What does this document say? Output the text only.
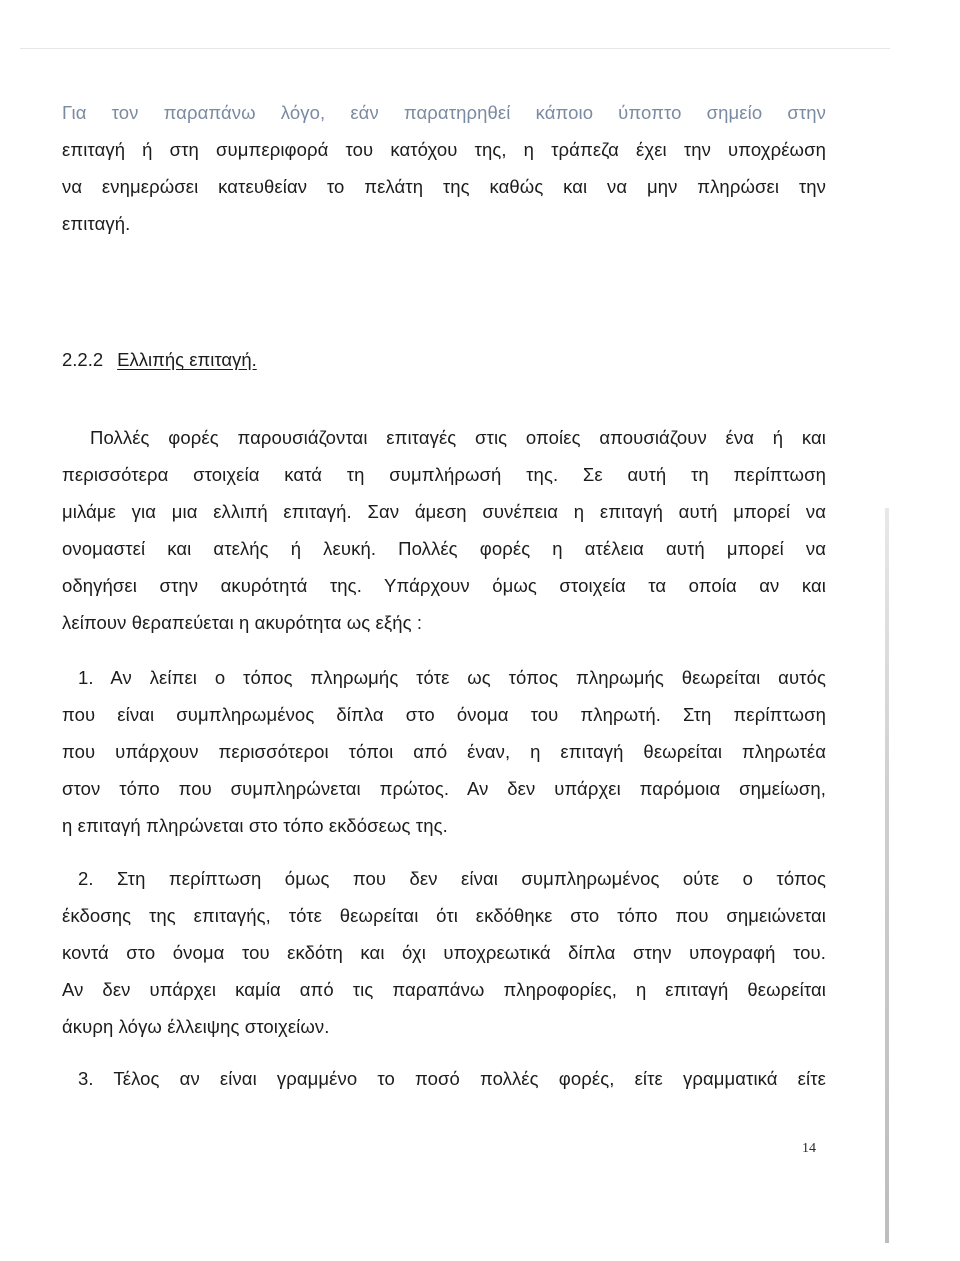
Για τον παραπάνω λόγο, εάν παρατηρηθεί κάποιο ύποπτο σημείο στην
επιταγή ή στη συμπεριφορά του κατόχου της, η τράπεζα έχει την υποχρέωση
να ενημερώσει κατευθείαν το πελάτη της καθώς και να μην πληρώσει την
επιταγή.
2.2.2 Ελλιπής επιταγή.
Πολλές φορές παρουσιάζονται επιταγές στις οποίες απουσιάζουν ένα ή και
περισσότερα στοιχεία κατά τη συμπλήρωσή της. Σε αυτή τη περίπτωση
μιλάμε για μια ελλιπή επιταγή. Σαν άμεση συνέπεια η επιταγή αυτή μπορεί να
ονομαστεί και ατελής ή λευκή. Πολλές φορές η ατέλεια αυτή μπορεί να
οδηγήσει στην ακυρότητά της. Υπάρχουν όμως στοιχεία τα οποία αν και
λείπουν θεραπεύεται η ακυρότητα ως εξής :
1. Αν λείπει ο τόπος πληρωμής τότε ως τόπος πληρωμής θεωρείται αυτός
που είναι συμπληρωμένος δίπλα στο όνομα του πληρωτή. Στη περίπτωση
που υπάρχουν περισσότεροι τόποι από έναν, η επιταγή θεωρείται πληρωτέα
στον τόπο που συμπληρώνεται πρώτος. Αν δεν υπάρχει παρόμοια σημείωση,
η επιταγή πληρώνεται στο τόπο εκδόσεως της.
2. Στη περίπτωση όμως που δεν είναι συμπληρωμένος ούτε ο τόπος
έκδοσης της επιταγής, τότε θεωρείται ότι εκδόθηκε στο τόπο που σημειώνεται
κοντά στο όνομα του εκδότη και όχι υποχρεωτικά δίπλα στην υπογραφή του.
Αν δεν υπάρχει καμία από τις παραπάνω πληροφορίες, η επιταγή θεωρείται
άκυρη λόγω έλλειψης στοιχείων.
3. Τέλος αν είναι γραμμένο το ποσό πολλές φορές, είτε γραμματικά είτε
14
